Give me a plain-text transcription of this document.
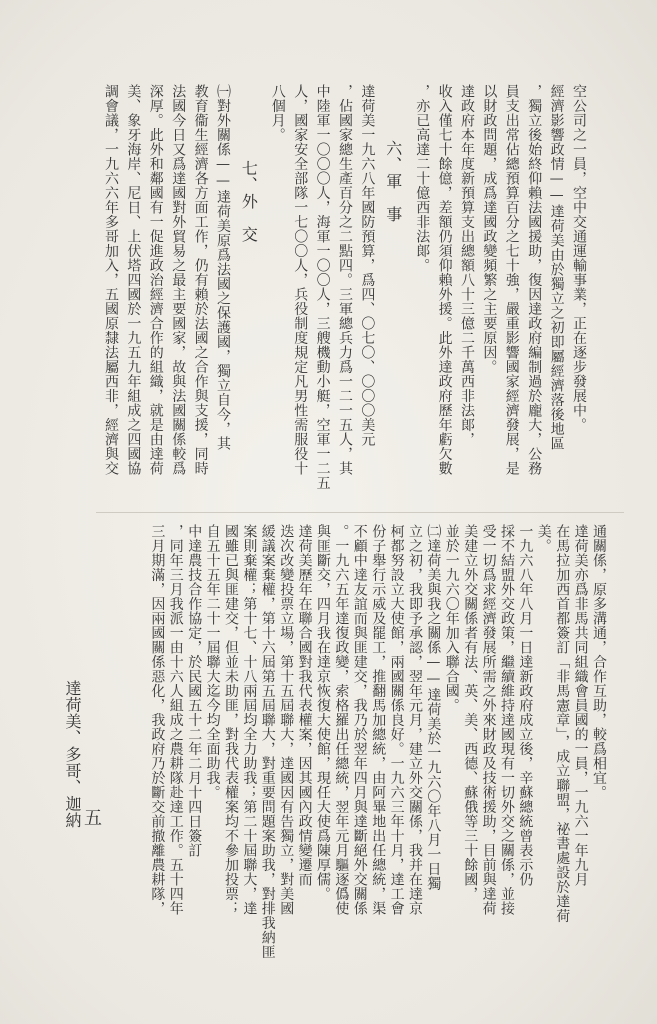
達荷美、多哥、迦納
空公司之一員，空中交通運輸事業，正在逐步發展中。
經濟影響政情——達荷美由於獨立之初即屬經濟落後地區
，獨立後始終仰賴法國援助，復因達政府編制過於龐大，公務
員支出常佔總預算百分之七十強，嚴重影響國家經濟發展，是
以財政問題，成爲達國政變頻繁之主要原因。
達政府本年度新預算支出總額八十三億二千萬西非法郞，
收入僅七十餘億，差額仍須仰賴外援。此外達政府歷年虧欠數
，亦已高達二十億西非法郞。
六、軍　事
達荷美一九六八年國防預算，爲四、〇七〇、〇〇〇美元
，佔國家總生產百分之二點四。三軍總兵力爲一二一五人，其
中陸軍一〇〇〇人，海軍一〇〇人，三艘機動小艇，空軍一二五
人，國家安全部隊一七〇〇人，兵役制度規定凡男性需服役十
八個月。
七、外　交
㈠對外關係——達荷美原爲法國之保護國，獨立自今，其
教育衞生經濟各方面工作，仍有賴於法國之合作與支援，同時
法國今日又爲達國對外貿易之最主要國家，故與法國關係較爲
深厚。此外和鄰國有一促進政治經濟合作的組織，就是由達荷
美、象牙海岸、尼日、上伏塔四國於一九五九年組成之四國協
調會議，一九六六年多哥加入，五國原隸法屬西非，經濟與交
通關係，原多溝通，合作互助，較爲相宜。
達荷美亦爲非馬共同組織會員國的一員，一九六一年九月
在馬拉加西首都簽訂「非馬憲章」，成立聯盟，祕書處設於達荷
美。
一九六八年八月一日達新政府成立後，辛蘇總統曾表示仍
採不結盟外交政策，繼續維持達國現有一切外交之關係，並接
受一切爲求經濟發展所需之外來財政及技術援助，目前與達荷
美建立外交關係者有法、英、美、西德、蘇俄等三十餘國，
並於一九六〇年加入聯合國。
㈡達荷美與我之關係——達荷美於一九六〇年八月一日獨
立之初，我即予承認，翌年元月，建立外交關係，我并在達京
柯都努設立大使館，兩國關係良好。一九六三年十月，達工會
份子舉行示威及罷工，推翻馬加總統，由阿畢地出任總統，渠
不顧中達友誼而與匪建交，我乃於翌年四月與達斷絕外交關係
。一九六五年達復政變，索格羅出任總統，翌年元月驅逐僞使
與匪斷交，四月我在達京恢復大使館，現任大使爲陳厚儒。
達荷美歷年在聯合國對我代表權案，因其國內政情變遷而
迭次改變投票立場，第十五屆聯大，達國因有告獨立，對美國
緩議案棄權，第十六屆第五屆聯大，對重要問題案助我，對排我納匪
案則棄權；第十七、十八兩屆均全力助我；第二十屆聯大，達
國雖已與匪建交，但並未助匪，對我代表權案均不參加投票；
自五十五年二十一屆聯大迄今均全面助我。
中達農技合作協定，於民國五十二年二月十四日簽訂
，同年三月我派一由十六人組成之農耕隊赴達工作。五十四年
三月期滿，因兩國關係惡化，我政府乃於斷交前撤離農耕隊，
五
